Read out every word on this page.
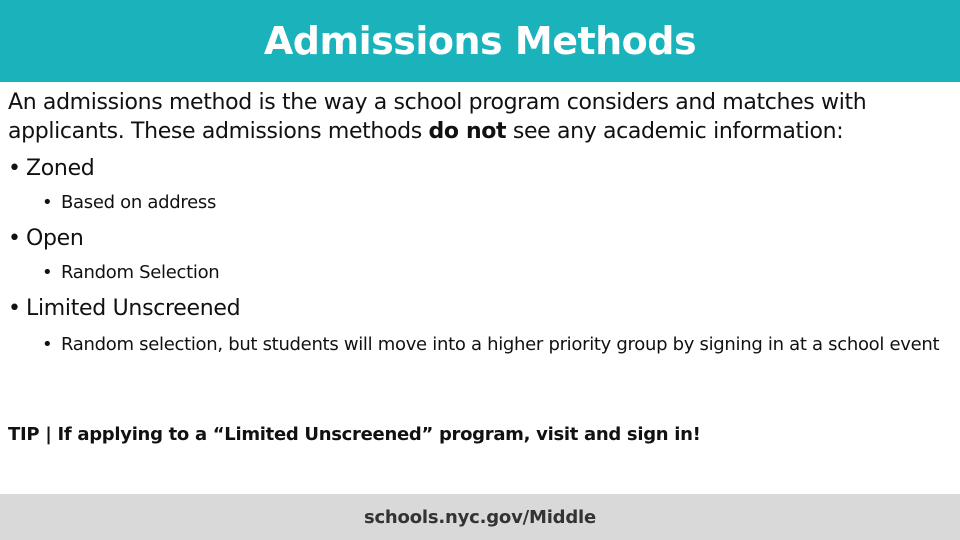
Admissions Methods

An admissions method is the way a school program considers and matches with applicants. These admissions methods do not see any academic information:

• Zoned

• Based on address

• Open

• Random Selection

• Limited Unscreened

• Random selection, but students will move into a higher priority group by signing in at a school event

TIP | If applying to a “Limited Unscreened” program, visit and sign in!

schools.nyc.gov/Middle
